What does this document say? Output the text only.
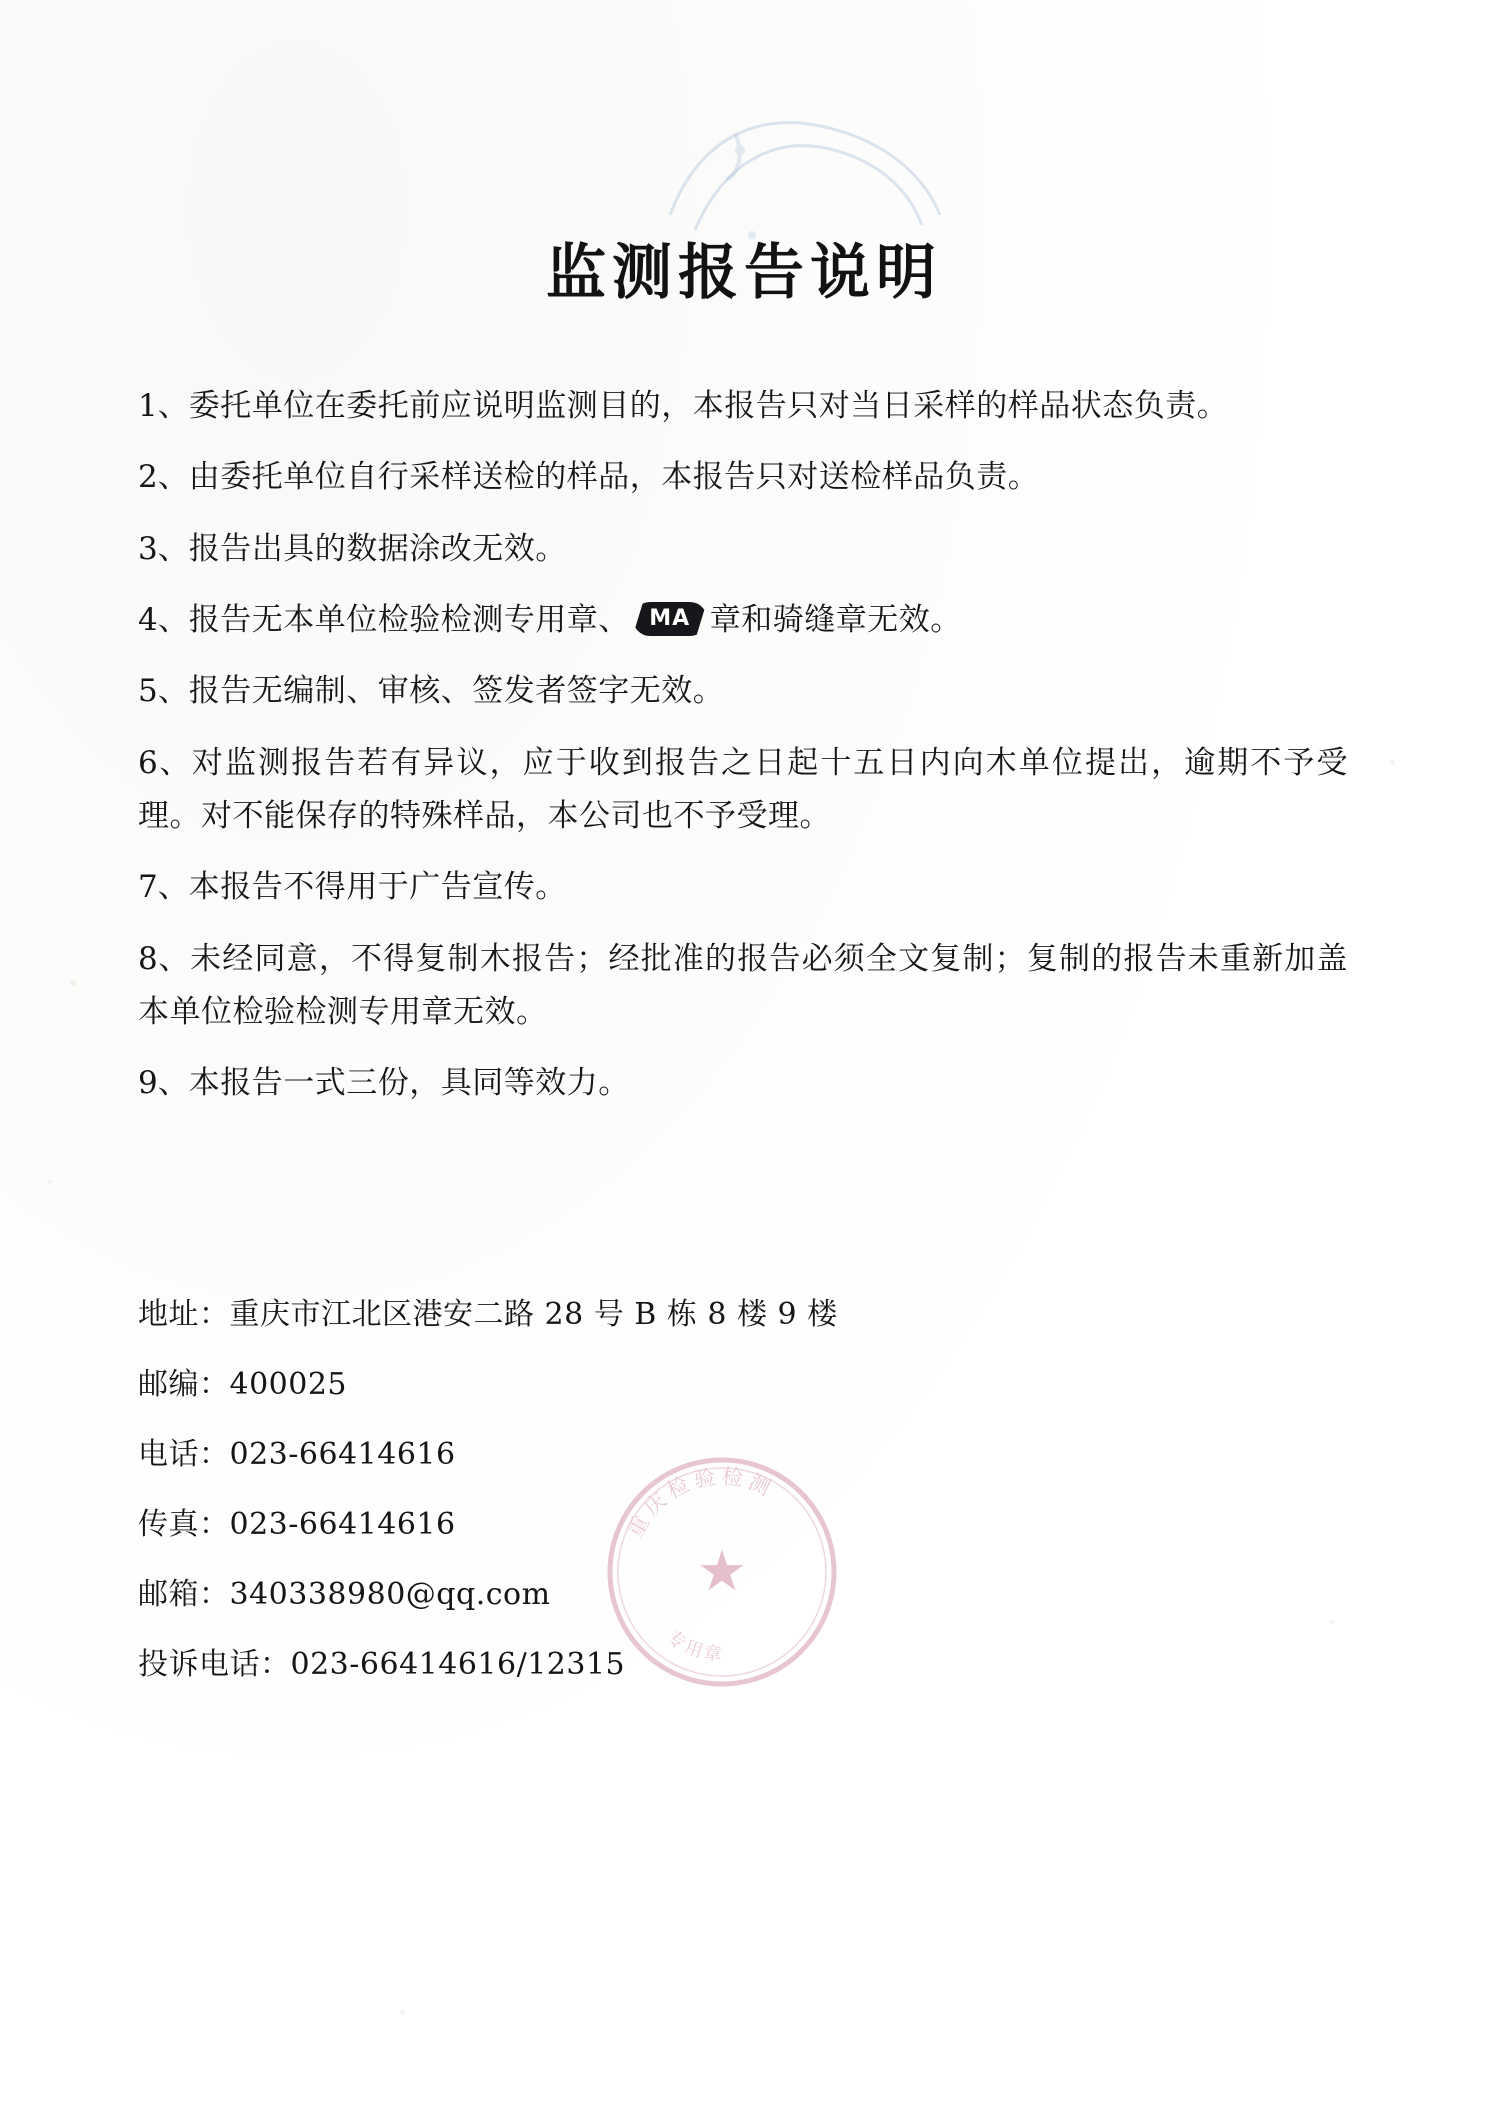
监测报告说明
1、委托单位在委托前应说明监测目的，本报告只对当日采样的样品状态负责。
2、由委托单位自行采样送检的样品，本报告只对送检样品负责。
3、报告岀具的数据涂改无效。
4、报告无本单位检验检测专用章、 MA 章和骑缝章无效。
5、报告无编制、审核、签发者签字无效。
6、对监测报告若有异议，应于收到报告之日起十五日内向木单位提岀，逾期不予受理。对不能保存的特殊样品，本公司也不予受理。
7、本报告不得用于广告宣传。
8、未经同意，不得复制木报告；经批准的报告必须全文复制；复制的报告未重新加盖本单位检验检测专用章无效。
9、本报告一式三份，具同等效力。
地址：重庆市江北区港安二路 28 号 B 栋 8 楼 9 楼
邮编：400025
电话：023-66414616
传真：023-66414616
邮箱：340338980@qq.com
投诉电话：023-66414616/12315
★
重庆检验检测
专用章
